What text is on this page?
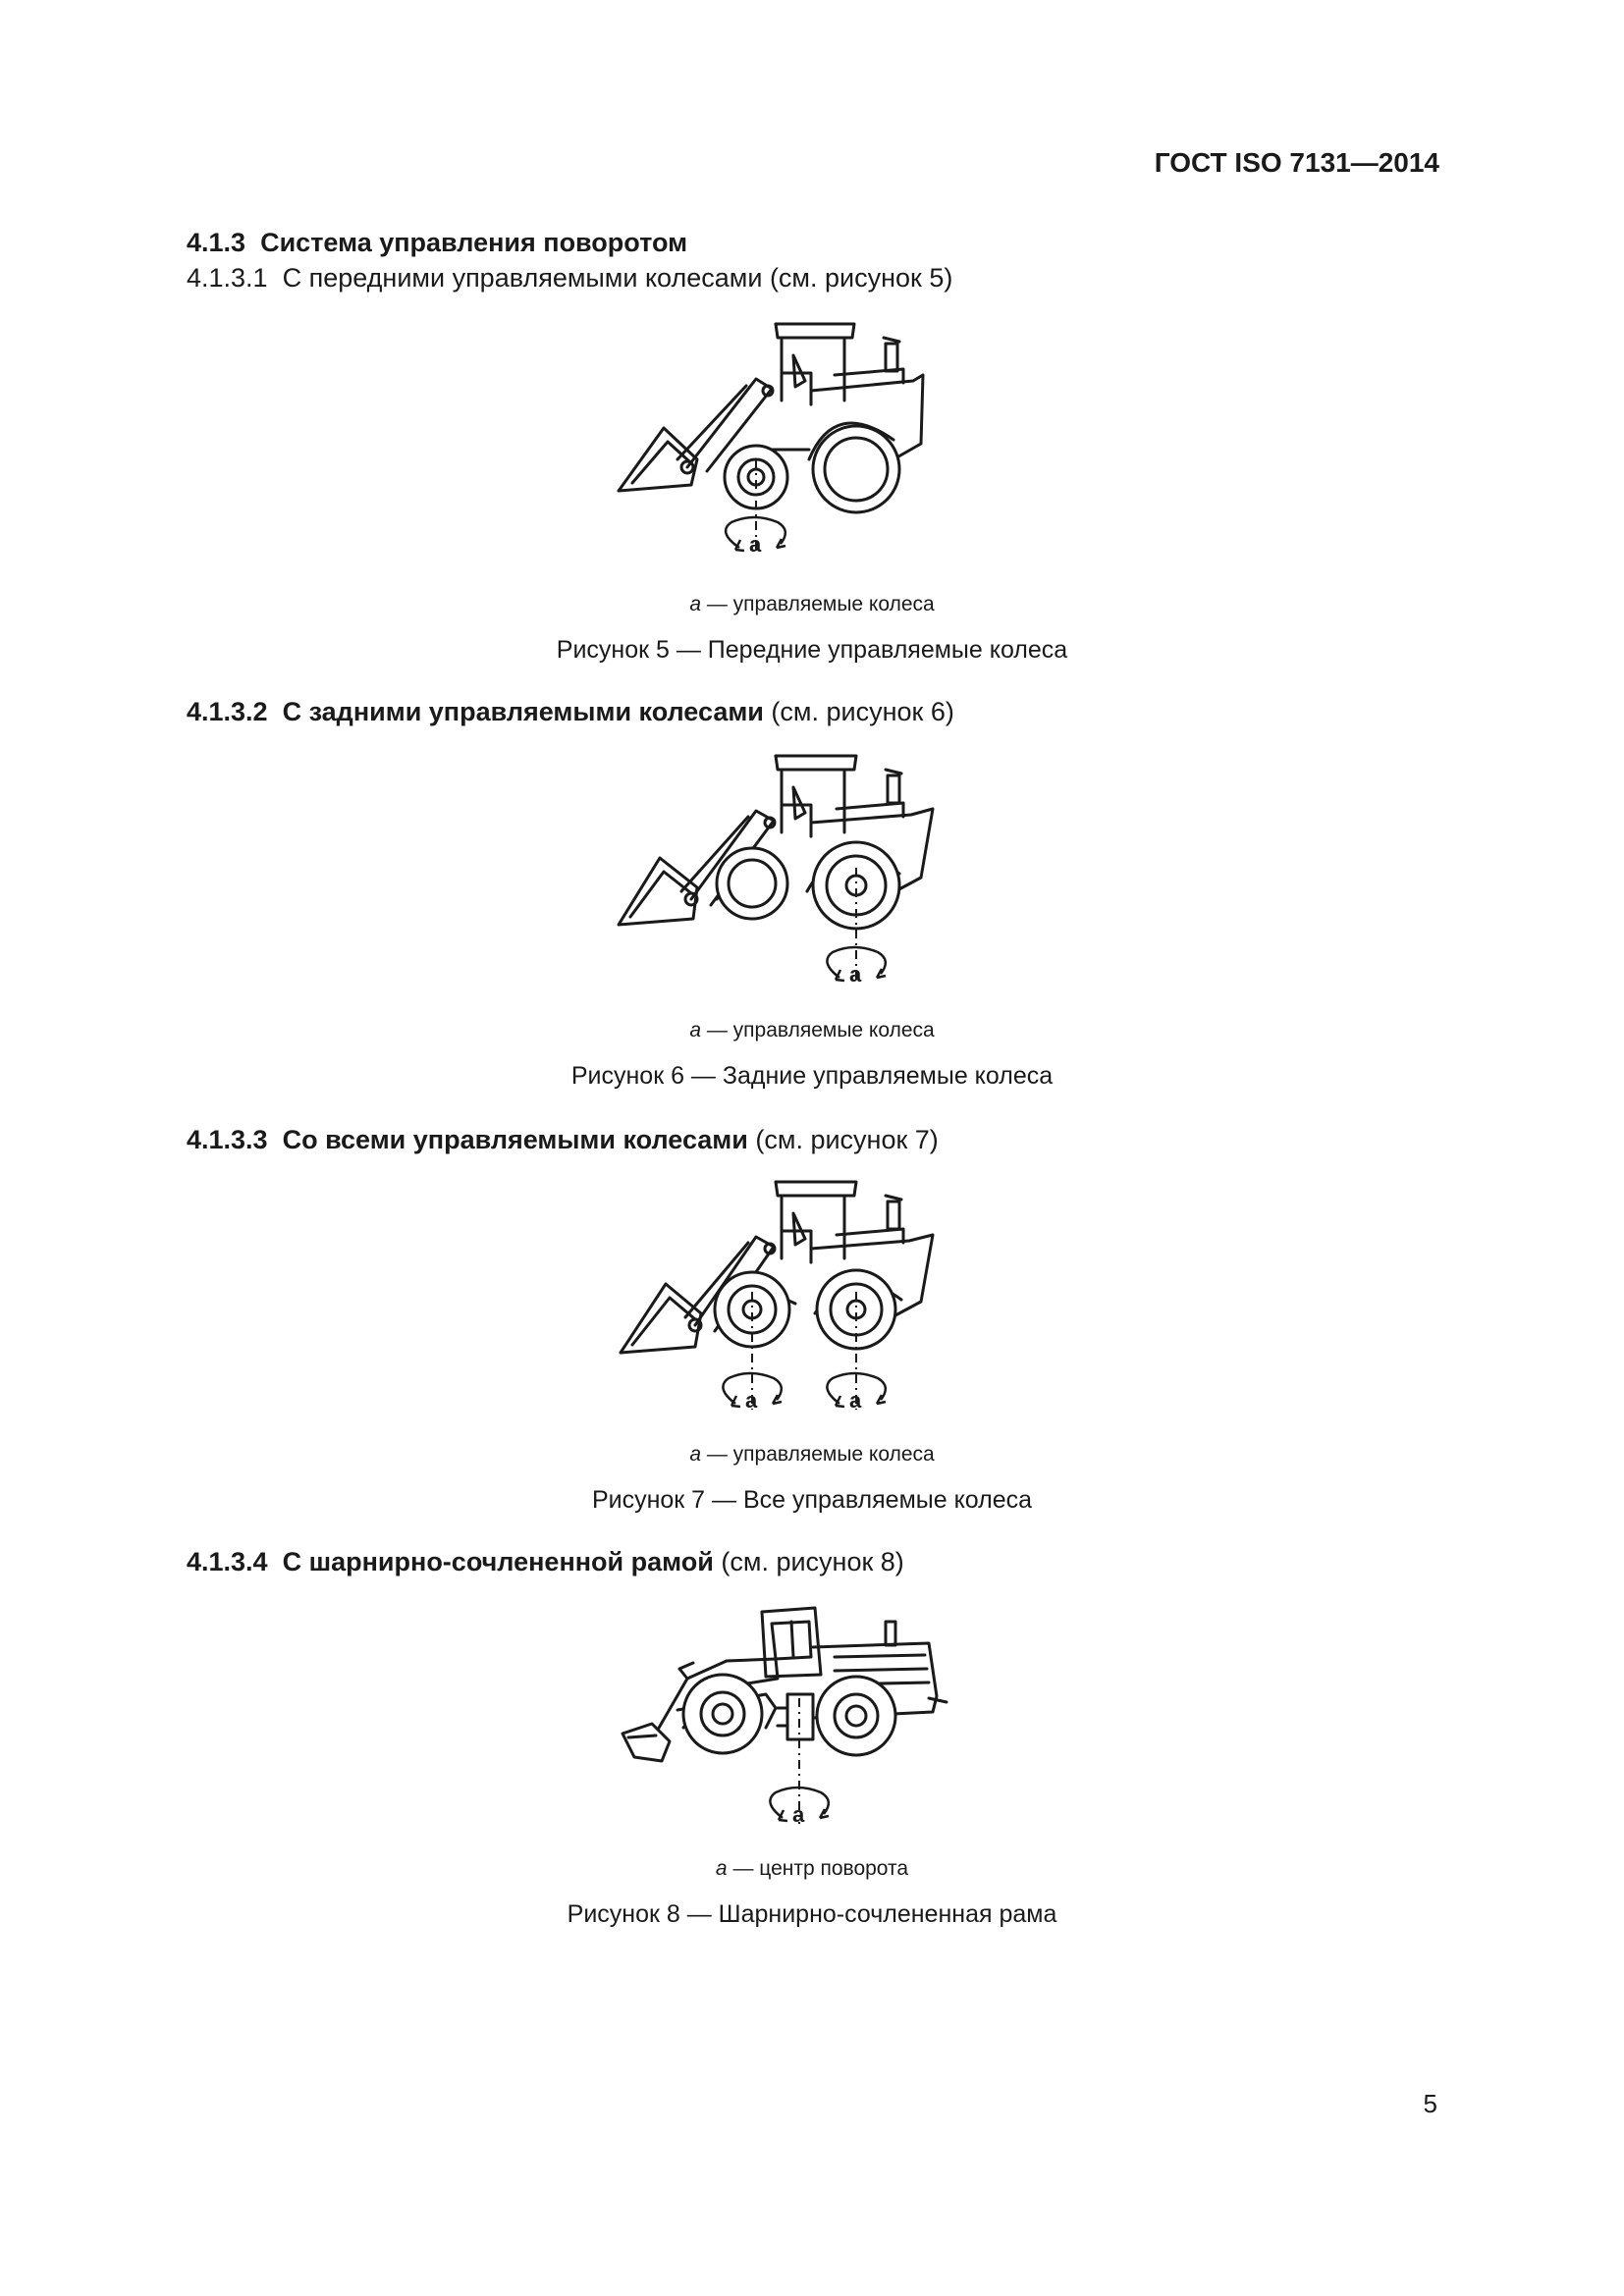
ГОСТ ISO 7131—2014
4.1.3 Система управления поворотом
4.1.3.1 С передними управляемыми колесами (см. рисунок 5)
a
a — управляемые колеса
Рисунок 5 — Передние управляемые колеса
4.1.3.2 С задними управляемыми колесами (см. рисунок 6)
a
a — управляемые колеса
Рисунок 6 — Задние управляемые колеса
4.1.3.3 Со всеми управляемыми колесами (см. рисунок 7)
a	a
a — управляемые колеса
Рисунок 7 — Все управляемые колеса
4.1.3.4 С шарнирно-сочлененной рамой (см. рисунок 8)
a
a — центр поворота
Рисунок 8 — Шарнирно-сочлененная рама
5
